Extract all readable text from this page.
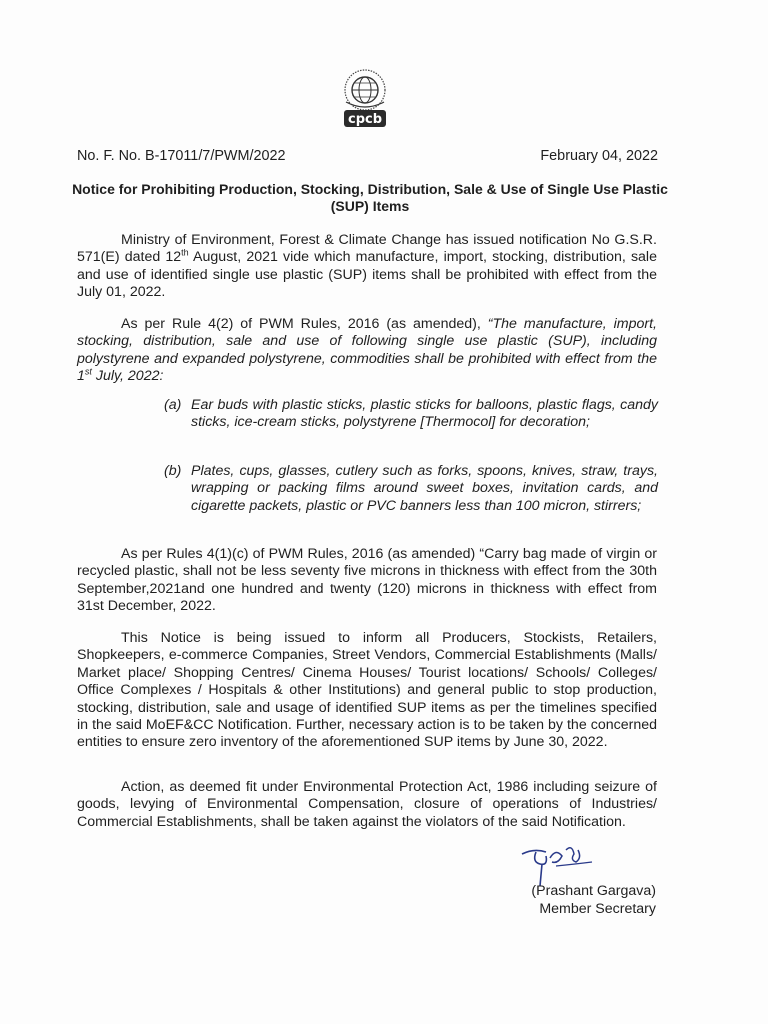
cpcb
No. F. No. B-17011/7/PWM/2022	February 04, 2022
Notice for Prohibiting Production, Stocking, Distribution, Sale & Use of Single Use Plastic (SUP) Items
Ministry of Environment, Forest & Climate Change has issued notification No G.S.R. 571(E) dated 12th August, 2021 vide which manufacture, import, stocking, distribution, sale and use of identified single use plastic (SUP) items shall be prohibited with effect from the July 01, 2022.
As per Rule 4(2) of PWM Rules, 2016 (as amended), “The manufacture, import, stocking, distribution, sale and use of following single use plastic (SUP), including polystyrene and expanded polystyrene, commodities shall be prohibited with effect from the 1st July, 2022:
(a) Ear buds with plastic sticks, plastic sticks for balloons, plastic flags, candy sticks, ice-cream sticks, polystyrene [Thermocol] for decoration;
(b) Plates, cups, glasses, cutlery such as forks, spoons, knives, straw, trays, wrapping or packing films around sweet boxes, invitation cards, and cigarette packets, plastic or PVC banners less than 100 micron, stirrers;
As per Rules 4(1)(c) of PWM Rules, 2016 (as amended) “Carry bag made of virgin or recycled plastic, shall not be less seventy five microns in thickness with effect from the 30th September,2021and one hundred and twenty (120) microns in thickness with effect from 31st December, 2022.
This Notice is being issued to inform all Producers, Stockists, Retailers, Shopkeepers, e-commerce Companies, Street Vendors, Commercial Establishments (Malls/ Market place/ Shopping Centres/ Cinema Houses/ Tourist locations/ Schools/ Colleges/ Office Complexes / Hospitals & other Institutions) and general public to stop production, stocking, distribution, sale and usage of identified SUP items as per the timelines specified in the said MoEF&CC Notification. Further, necessary action is to be taken by the concerned entities to ensure zero inventory of the aforementioned SUP items by June 30, 2022.
Action, as deemed fit under Environmental Protection Act, 1986 including seizure of goods, levying of Environmental Compensation, closure of operations of Industries/ Commercial Establishments, shall be taken against the violators of the said Notification.
(Prashant Gargava)
Member Secretary
